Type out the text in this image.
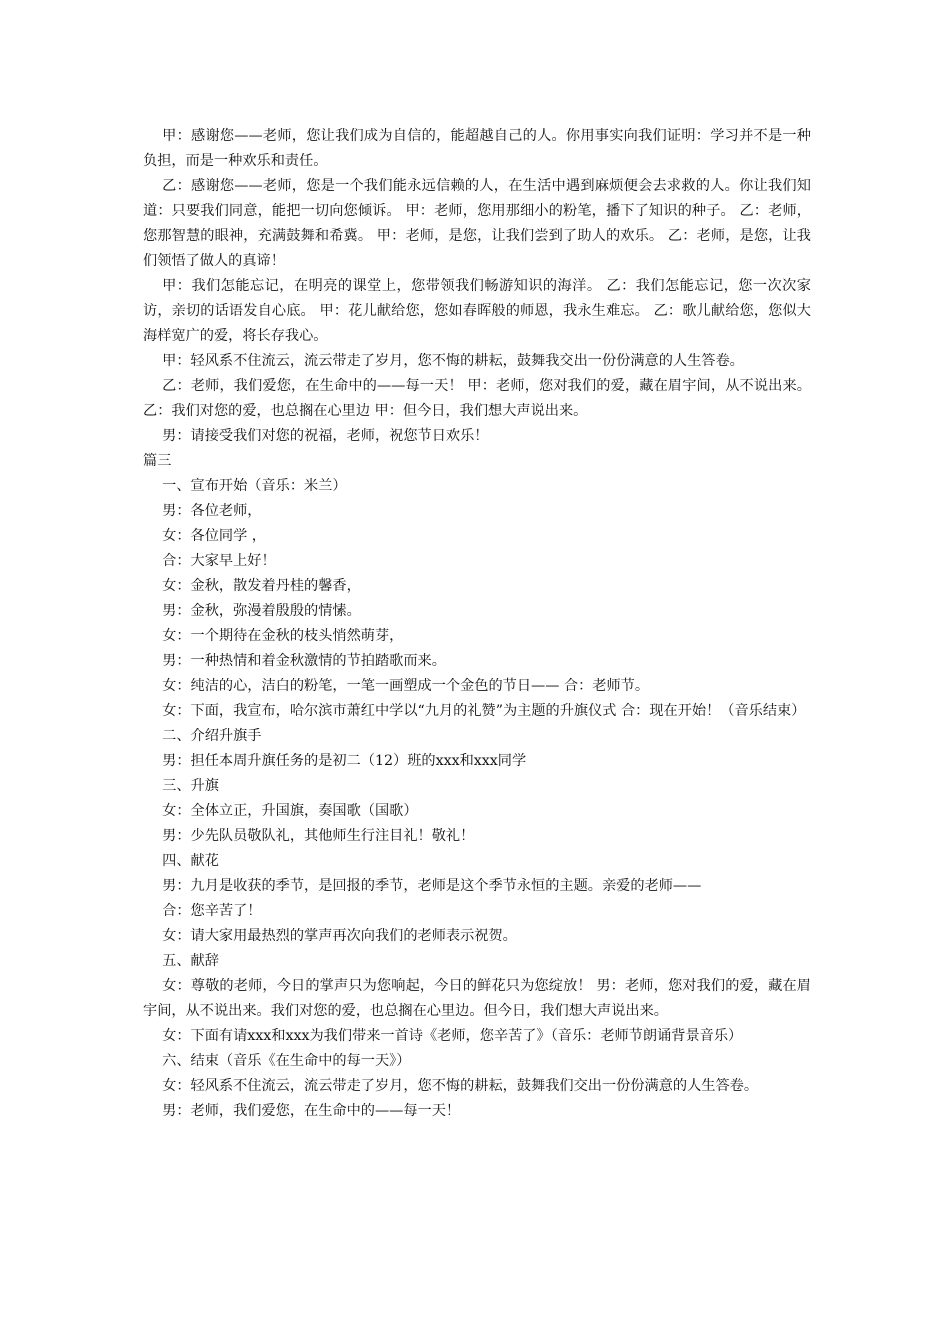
甲：感谢您——老师，您让我们成为自信的，能超越自己的人。你用事实向我们证明：学习并不是一种负担，而是一种欢乐和责任。

乙：感谢您——老师，您是一个我们能永远信赖的人，在生活中遇到麻烦便会去求救的人。你让我们知道：只要我们同意，能把一切向您倾诉。 甲：老师，您用那细小的粉笔，播下了知识的种子。 乙：老师，您那智慧的眼神，充满鼓舞和希冀。 甲：老师，是您，让我们尝到了助人的欢乐。 乙：老师，是您，让我们领悟了做人的真谛！

甲：我们怎能忘记，在明亮的课堂上，您带领我们畅游知识的海洋。 乙：我们怎能忘记，您一次次家访，亲切的话语发自心底。 甲：花儿献给您，您如春晖般的师恩，我永生难忘。 乙：歌儿献给您，您似大海样宽广的爱，将长存我心。

甲：轻风系不住流云，流云带走了岁月，您不悔的耕耘，鼓舞我交出一份份满意的人生答卷。

乙：老师，我们爱您，在生命中的——每一天！ 甲：老师，您对我们的爱，藏在眉宇间，从不说出来。 乙：我们对您的爱，也总搁在心里边 甲：但今日，我们想大声说出来。

男：请接受我们对您的祝福，老师，祝您节日欢乐！

篇三

一、宣布开始（音乐：米兰）

男：各位老师，

女：各位同学 ，

合：大家早上好！

女：金秋，散发着丹桂的馨香，

男：金秋，弥漫着殷殷的情愫。

女：一个期待在金秋的枝头悄然萌芽，

男：一种热情和着金秋激情的节拍踏歌而来。

女：纯洁的心，洁白的粉笔，一笔一画塑成一个金色的节日—— 合：老师节。

女：下面，我宣布，哈尔滨市萧红中学以“九月的礼赞”为主题的升旗仪式 合：现在开始！（音乐结束）

二、介绍升旗手

男：担任本周升旗任务的是初二（12）班的xxx和xxx同学

三、升旗

女：全体立正，升国旗，奏国歌（国歌）

男：少先队员敬队礼，其他师生行注目礼！敬礼！

四、献花

男：九月是收获的季节，是回报的季节，老师是这个季节永恒的主题。亲爱的老师——

合：您辛苦了！

女：请大家用最热烈的掌声再次向我们的老师表示祝贺。

五、献辞

女：尊敬的老师，今日的掌声只为您响起，今日的鲜花只为您绽放！ 男：老师，您对我们的爱，藏在眉宇间，从不说出来。我们对您的爱，也总搁在心里边。但今日，我们想大声说出来。

女：下面有请xxx和xxx为我们带来一首诗《老师，您辛苦了》（音乐：老师节朗诵背景音乐）

六、结束（音乐《在生命中的每一天》）

女：轻风系不住流云，流云带走了岁月，您不悔的耕耘，鼓舞我们交出一份份满意的人生答卷。

男：老师，我们爱您，在生命中的——每一天！
